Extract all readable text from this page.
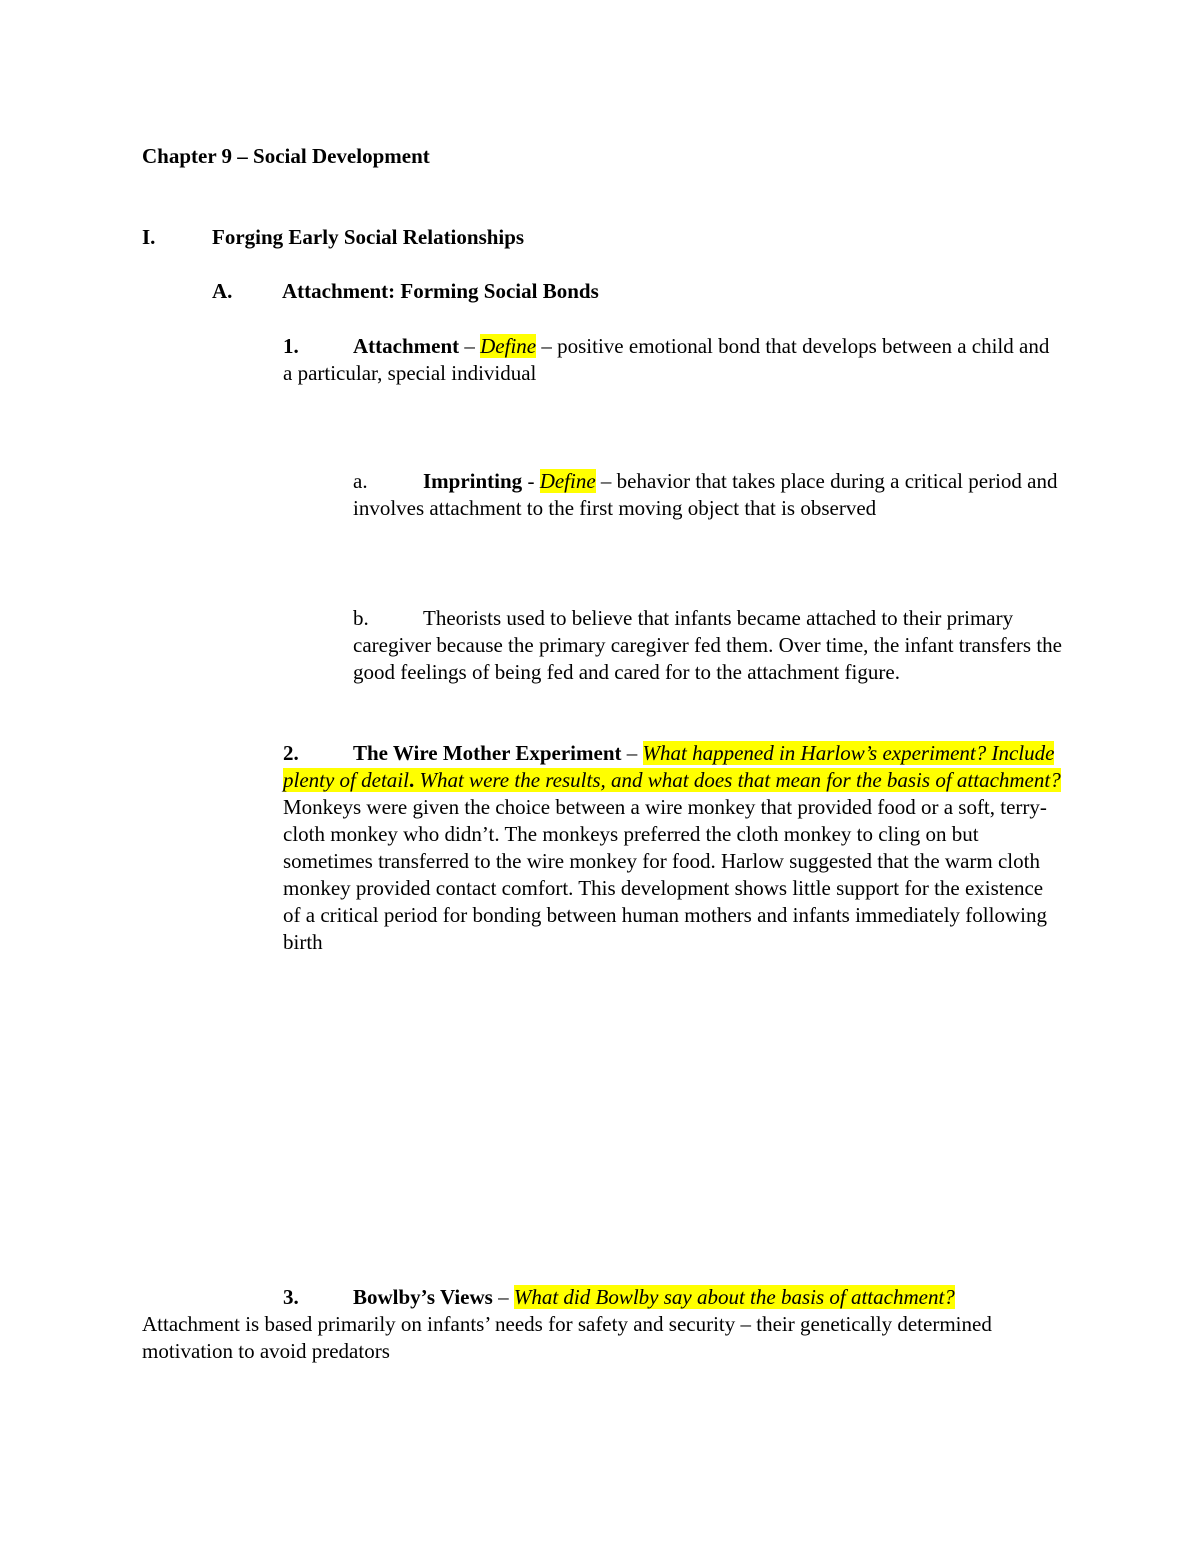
Chapter 9 – Social Development

I.	Forging Early Social Relationships

A. Attachment: Forming Social Bonds

1.	Attachment – Define – positive emotional bond that develops between a child and a particular, special individual

a.	Imprinting - Define – behavior that takes place during a critical period and involves attachment to the first moving object that is observed

b.	Theorists used to believe that infants became attached to their primary caregiver because the primary caregiver fed them. Over time, the infant transfers the good feelings of being fed and cared for to the attachment figure.

2.	The Wire Mother Experiment – What happened in Harlow’s experiment? Include plenty of detail. What were the results, and what does that mean for the basis of attachment? Monkeys were given the choice between a wire monkey that provided food or a soft, terry-cloth monkey who didn’t. The monkeys preferred the cloth monkey to cling on but sometimes transferred to the wire monkey for food. Harlow suggested that the warm cloth monkey provided contact comfort. This development shows little support for the existence of a critical period for bonding between human mothers and infants immediately following birth

3.	Bowlby’s Views – What did Bowlby say about the basis of attachment?

Attachment is based primarily on infants’ needs for safety and security – their genetically determined motivation to avoid predators
